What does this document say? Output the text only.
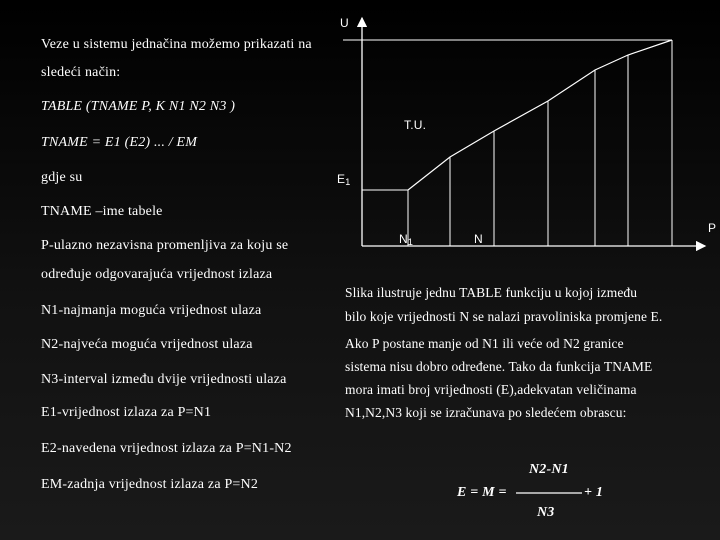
U
P
T.U.
E1
N1	N
Veze u sistemu jednačina možemo prikazati na
sledeći način:
TABLE (TNAME P, K N1 N2 N3 )
TNAME = E1 (E2) ... / EM
gdje su
TNAME –ime tabele
P-ulazno nezavisna promenljiva za koju se
određuje odgovarajuća vrijednost izlaza
N1-najmanja moguća vrijednost ulaza
N2-najveća moguća vrijednost ulaza
N3-interval između dvije vrijednosti ulaza
E1-vrijednost izlaza za P=N1
E2-navedena vrijednost izlaza za P=N1-N2
EM-zadnja vrijednost izlaza za P=N2
Slika ilustruje jednu TABLE funkciju u kojoj između
bilo koje vrijednosti N se nalazi pravoliniska promjene E.
Ako P postane manje od N1 ili veće od N2 granice
sistema nisu dobro određene. Tako da funkcija TNAME
mora imati broj vrijednosti (E),adekvatan veličinama
N1,N2,N3 koji se izračunava po sledećem obrascu:
N2-N1
E = M =	+ 1
N3
